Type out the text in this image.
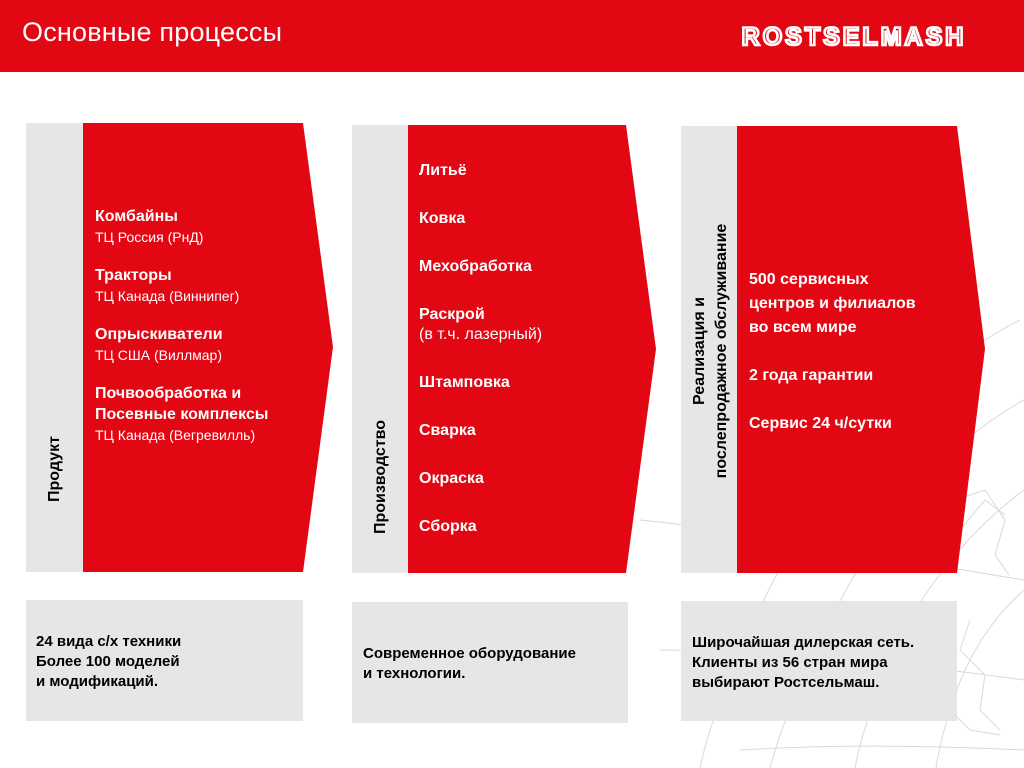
Основные процессы	ROSTSELMASH
Продукт
Комбайны
ТЦ Россия (РнД)
Тракторы
ТЦ Канада (Виннипег)
Опрыскиватели
ТЦ США (Виллмар)
Почвообработка и Посевные комплексы
ТЦ Канада (Вегревилль)	Производство
Литьё
Ковка
Мехобработка
Раскрой
(в т.ч. лазерный)
Штамповка
Сварка
Окраска
Сборка
Реализация и послепродажное обслуживание 500 сервисных
центров и филиалов
во всем мире
2 года гарантии
Сервис 24 ч/сутки
24 вида с/х техники
Более 100 моделей
и модификаций.
Современное оборудование
и технологии.
Широчайшая дилерская сеть.
Клиенты из 56 стран мира
выбирают Ростсельмаш.
